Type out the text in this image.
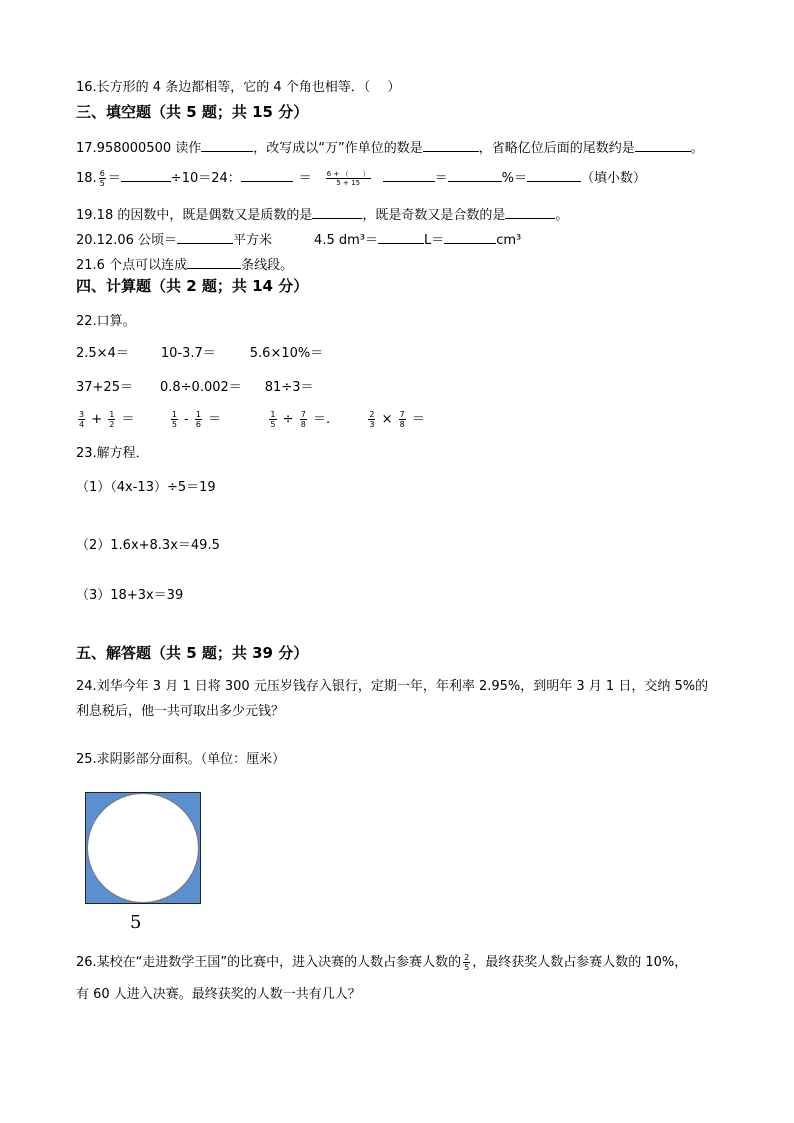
16.长方形的 4 条边都相等，它的 4 个角也相等．（　 ）
三、填空题（共 5 题；共 15 分）
17.958000500 读作	，改写成以“万”作单位的数是	，省略亿位后面的尾数约是	。
18. $\frac{6}{5}$ ＝	÷10＝24：	＝ $\frac{6 + ( )}{5 + 15}$	＝	%＝	（填小数）
19.18 的因数中，既是偶数又是质数的是	，既是奇数又是合数的是	。
20.12.06 公顷＝	平方米	4.5 dm³＝	L＝	cm³
21.6 个点可以连成	条线段。
四、计算题（共 2 题；共 14 分）
22.口算。
2.5×4＝ 10-3.7＝	5.6×10%＝
37+25＝ 0.8÷0.002＝ 81÷3＝
$\frac{3}{4} + \frac{1}{2}$ ＝	$\frac{1}{5} - \frac{1}{6}$ ＝	$\frac{1}{5} \div \frac{7}{8}$ ＝.	$\frac{2}{3} \times \frac{7}{8}$ ＝
23.解方程．
（1）（4x-13）÷5＝19
（2）1.6x+8.3x＝49.5
（3）18+3x＝39
五、解答题（共 5 题；共 39 分）
24.刘华今年 3 月 1 日将 300 元压岁钱存入银行，定期一年，年利率 2.95%，到明年 3 月 1 日，交纳 5%的
利息税后，他一共可取出多少元钱？
25.求阴影部分面积。（单位：厘米）
5
26.某校在“走进数学王国”的比赛中，进入决赛的人数占参赛人数的 $\frac{2}{5}$ ，最终获奖人数占参赛人数的 10%，
有 60 人进入决赛。最终获奖的人数一共有几人？
